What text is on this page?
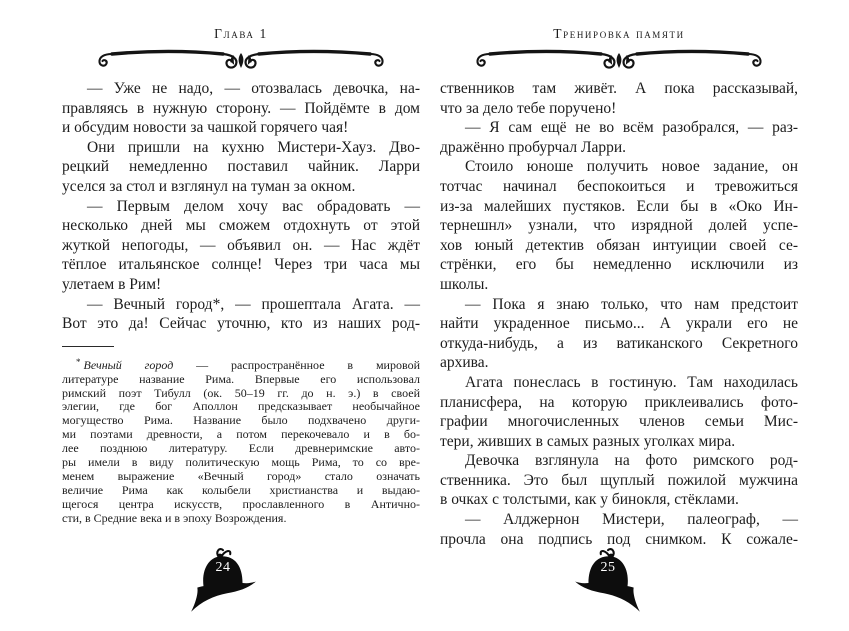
Глава 1
— Уже не надо, — отозвалась девочка, на-
правляясь в нужную сторону. — Пойдёмте в дом
и обсудим новости за чашкой горячего чая!
Они пришли на кухню Мистери-Хауз. Дво-
рецкий немедленно поставил чайник. Ларри
уселся за стол и взглянул на туман за окном.
— Первым делом хочу вас обрадовать —
несколько дней мы сможем отдохнуть от этой
жуткой непогоды, — объявил он. — Нас ждёт
тёплое итальянское солнце! Через три часа мы
улетаем в Рим!
— Вечный город*, — прошептала Агата. —
Вот это да! Сейчас уточню, кто из наших род-
* Вечный город — распространённое в мировой
литературе название Рима. Впервые его использовал
римский поэт Тибулл (ок. 50–19 гг. до н. э.) в своей
элегии, где бог Аполлон предсказывает необычайное
могущество Рима. Название было подхвачено други-
ми поэтами древности, а потом перекочевало и в бо-
лее позднюю литературу. Если древнеримские авто-
ры имели в виду политическую мощь Рима, то со вре-
менем выражение «Вечный город» стало означать
величие Рима как колыбели христианства и выдаю-
щегося центра искусств, прославленного в Антично-
сти, в Средние века и в эпоху Возрождения.
Тренировка памяти
ственников там живёт. А пока рассказывай,
что за дело тебе поручено!
— Я сам ещё не во всём разобрался, — раз-
дражённо пробурчал Ларри.
Стоило юноше получить новое задание, он
тотчас начинал беспокоиться и тревожиться
из-за малейших пустяков. Если бы в «Око Ин-
тернешнл» узнали, что изрядной долей успе-
хов юный детектив обязан интуиции своей се-
стрёнки, его бы немедленно исключили из
школы.
— Пока я знаю только, что нам предстоит
найти украденное письмо... А украли его не
откуда-нибудь, а из ватиканского Секретного
архива.
Агата понеслась в гостиную. Там находилась
планисфера, на которую приклеивались фото-
графии многочисленных членов семьи Мис-
тери, живших в самых разных уголках мира.
Девочка взглянула на фото римского род-
ственника. Это был щуплый пожилой мужчина
в очках с толстыми, как у бинокля, стёклами.
— Алджернон Мистери, палеограф, —
прочла она подпись под снимком. К сожале-
24	25
